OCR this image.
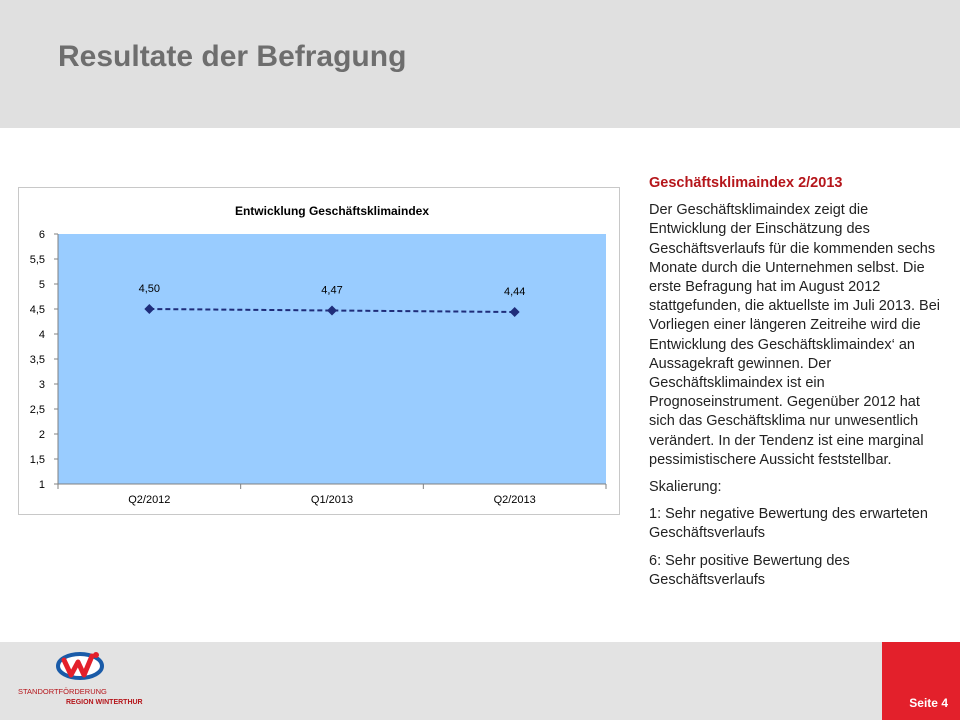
Resultate der Befragung
Entwicklung Geschäftsklimaindex
1
1,5
2
2,5
3
3,5
4
4,5
5
5,5
6
Q2/2012	Q1/2013	Q2/2013
4,50	4,47	4,44
Geschäftsklimaindex 2/2013

Der Geschäftsklimaindex zeigt die Entwicklung der Einschätzung des Geschäftsverlaufs für die kommenden sechs Monate durch die Unternehmen selbst. Die erste Befragung hat im August 2012 stattgefunden, die aktuellste im Juli 2013. Bei Vorliegen einer längeren Zeitreihe wird die Entwicklung des Geschäftsklimaindex‘ an Aussagekraft gewinnen. Der Geschäftsklimaindex ist ein Prognoseinstrument. Gegenüber 2012 hat sich das Geschäftsklima nur unwesentlich verändert. In der Tendenz ist eine marginal pessimistischere Aussicht feststellbar.

Skalierung:

1: Sehr negative Bewertung des erwarteten Geschäftsverlaufs

6: Sehr positive Bewertung des Geschäftsverlaufs

STANDORTFÖRDERUNG
REGION WINTERTHUR	Seite 4
